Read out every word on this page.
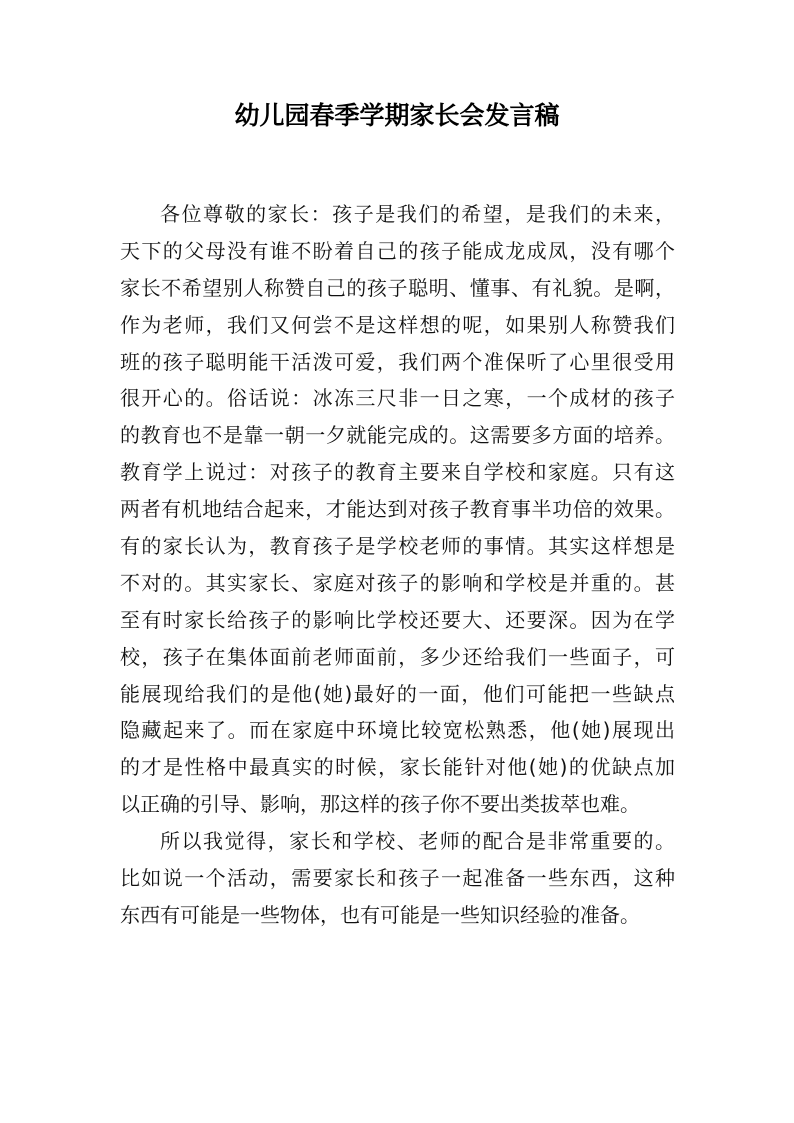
幼儿园春季学期家长会发言稿
各位尊敬的家长：孩子是我们的希望，是我们的未来，
天下的父母没有谁不盼着自己的孩子能成龙成凤，没有哪个
家长不希望别人称赞自己的孩子聪明、懂事、有礼貌。是啊，
作为老师，我们又何尝不是这样想的呢，如果别人称赞我们
班的孩子聪明能干活泼可爱，我们两个准保听了心里很受用
很开心的。俗话说：冰冻三尺非一日之寒，一个成材的孩子
的教育也不是靠一朝一夕就能完成的。这需要多方面的培养。
教育学上说过：对孩子的教育主要来自学校和家庭。只有这
两者有机地结合起来，才能达到对孩子教育事半功倍的效果。
有的家长认为，教育孩子是学校老师的事情。其实这样想是
不对的。其实家长、家庭对孩子的影响和学校是并重的。甚
至有时家长给孩子的影响比学校还要大、还要深。因为在学
校，孩子在集体面前老师面前，多少还给我们一些面子，可
能展现给我们的是他(她)最好的一面，他们可能把一些缺点
隐藏起来了。而在家庭中环境比较宽松熟悉，他(她)展现出
的才是性格中最真实的时候，家长能针对他(她)的优缺点加
以正确的引导、影响，那这样的孩子你不要出类拔萃也难。
所以我觉得，家长和学校、老师的配合是非常重要的。
比如说一个活动，需要家长和孩子一起准备一些东西，这种
东西有可能是一些物体，也有可能是一些知识经验的准备。
